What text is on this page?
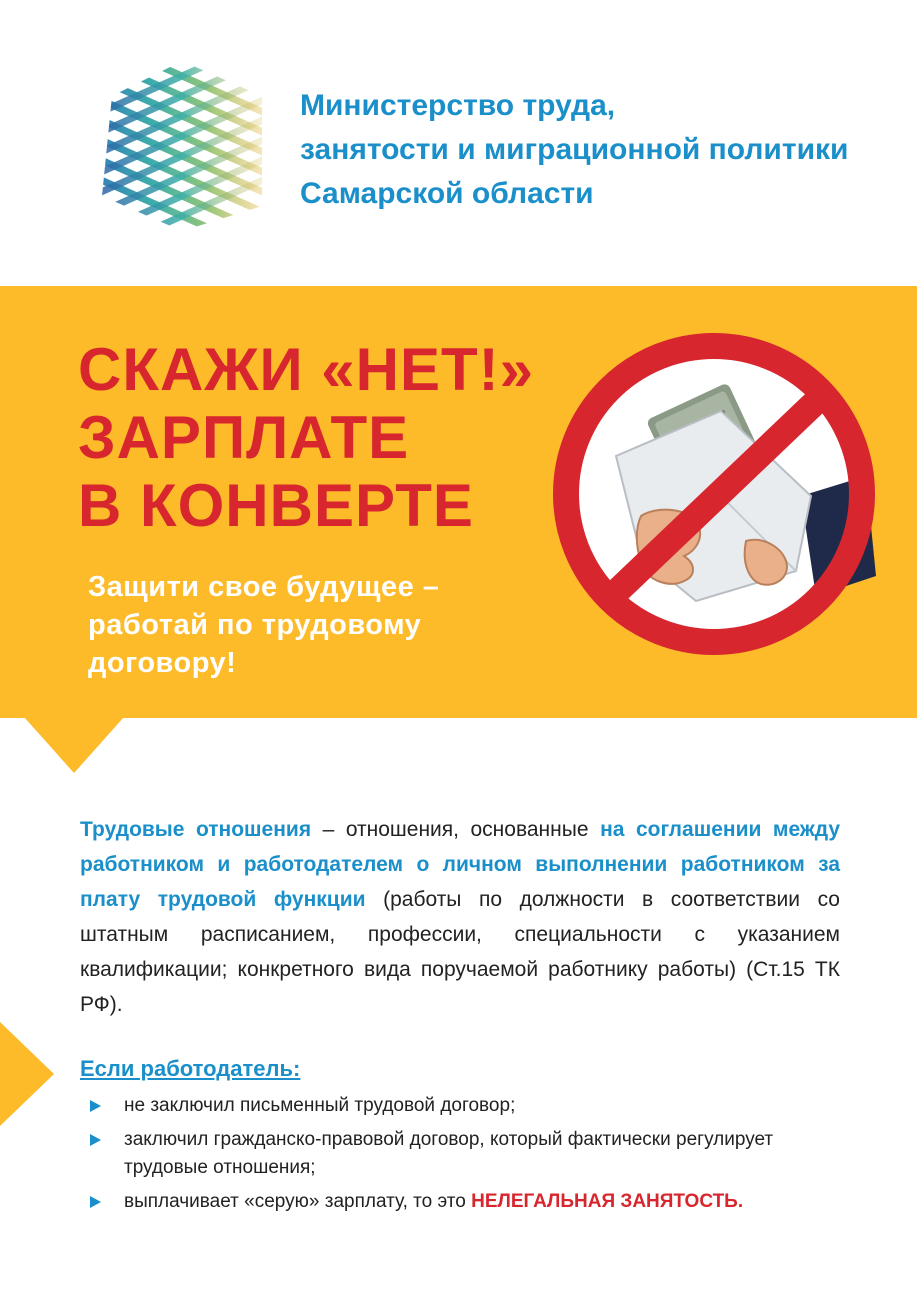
Министерство труда,
занятости и миграционной политики
Самарской области
СКАЖИ «НЕТ!»
ЗАРПЛАТЕ
В КОНВЕРТЕ
Защити свое будущее –
работай по трудовому
договору!
Трудовые отношения – отношения, основанные на соглашении между работником и работодателем о личном выполнении работником за плату трудовой функции (работы по должности в соответствии со штатным расписанием, профессии, специальности с указанием квалификации; конкретного вида поручаемой работнику работы) (Ст.15 ТК РФ).
Если работодатель:
не заключил письменный трудовой договор;
заключил гражданско-правовой договор, который фактически регулирует трудовые отношения;
выплачивает «серую» зарплату, то это НЕЛЕГАЛЬНАЯ ЗАНЯТОСТЬ.
